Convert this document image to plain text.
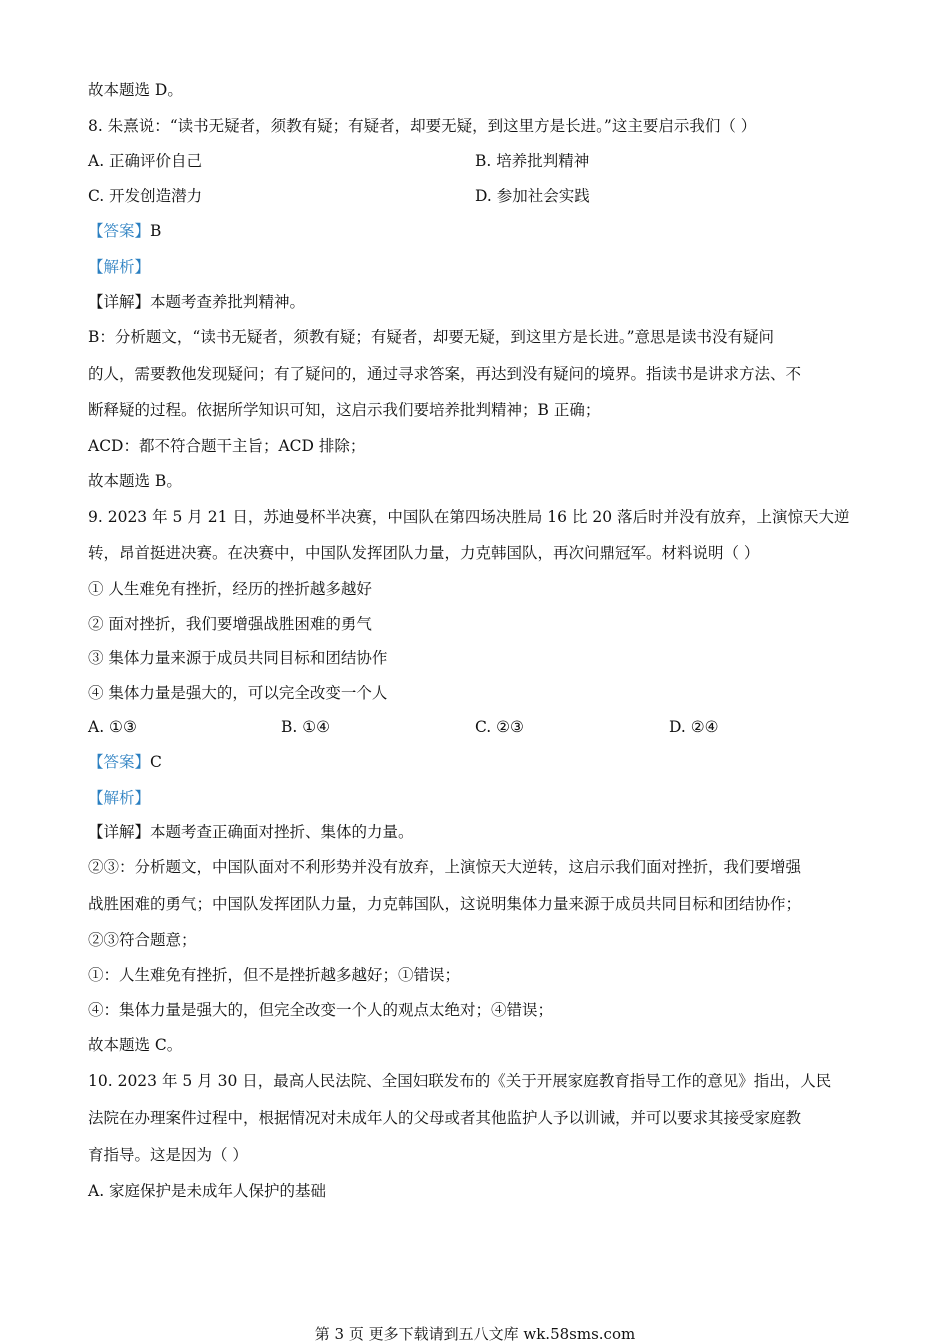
故本题选 D。
8. 朱熹说：“读书无疑者，须教有疑；有疑者，却要无疑，到这里方是长进。”这主要启示我们（ ）
A. 正确评价自己	B. 培养批判精神
C. 开发创造潜力	D. 参加社会实践
【答案】B
【解析】
【详解】本题考查养批判精神。
B：分析题文，“读书无疑者，须教有疑；有疑者，却要无疑，到这里方是长进。”意思是读书没有疑问
的人，需要教他发现疑问；有了疑问的，通过寻求答案，再达到没有疑问的境界。指读书是讲求方法、不
断释疑的过程。依据所学知识可知，这启示我们要培养批判精神；B 正确；
ACD：都不符合题干主旨；ACD 排除；
故本题选 B。
9. 2023 年 5 月 21 日，苏迪曼杯半决赛，中国队在第四场决胜局 16 比 20 落后时并没有放弃，上演惊天大逆
转，昂首挺进决赛。在决赛中，中国队发挥团队力量，力克韩国队，再次问鼎冠军。材料说明（ ）
① 人生难免有挫折，经历的挫折越多越好
② 面对挫折，我们要增强战胜困难的勇气
③ 集体力量来源于成员共同目标和团结协作
④ 集体力量是强大的，可以完全改变一个人
A. ①③	B. ①④	C. ②③	D. ②④
【答案】C
【解析】
【详解】本题考查正确面对挫折、集体的力量。
②③：分析题文，中国队面对不利形势并没有放弃，上演惊天大逆转，这启示我们面对挫折，我们要增强
战胜困难的勇气；中国队发挥团队力量，力克韩国队，这说明集体力量来源于成员共同目标和团结协作；
②③符合题意；
①：人生难免有挫折，但不是挫折越多越好；①错误；
④：集体力量是强大的，但完全改变一个人的观点太绝对；④错误；
故本题选 C。
10. 2023 年 5 月 30 日，最高人民法院、全国妇联发布的《关于开展家庭教育指导工作的意见》指出，人民
法院在办理案件过程中，根据情况对未成年人的父母或者其他监护人予以训诫，并可以要求其接受家庭教
育指导。这是因为（ ）
A. 家庭保护是未成年人保护的基础
第 3 页 更多下载请到五八文库 wk.58sms.com
